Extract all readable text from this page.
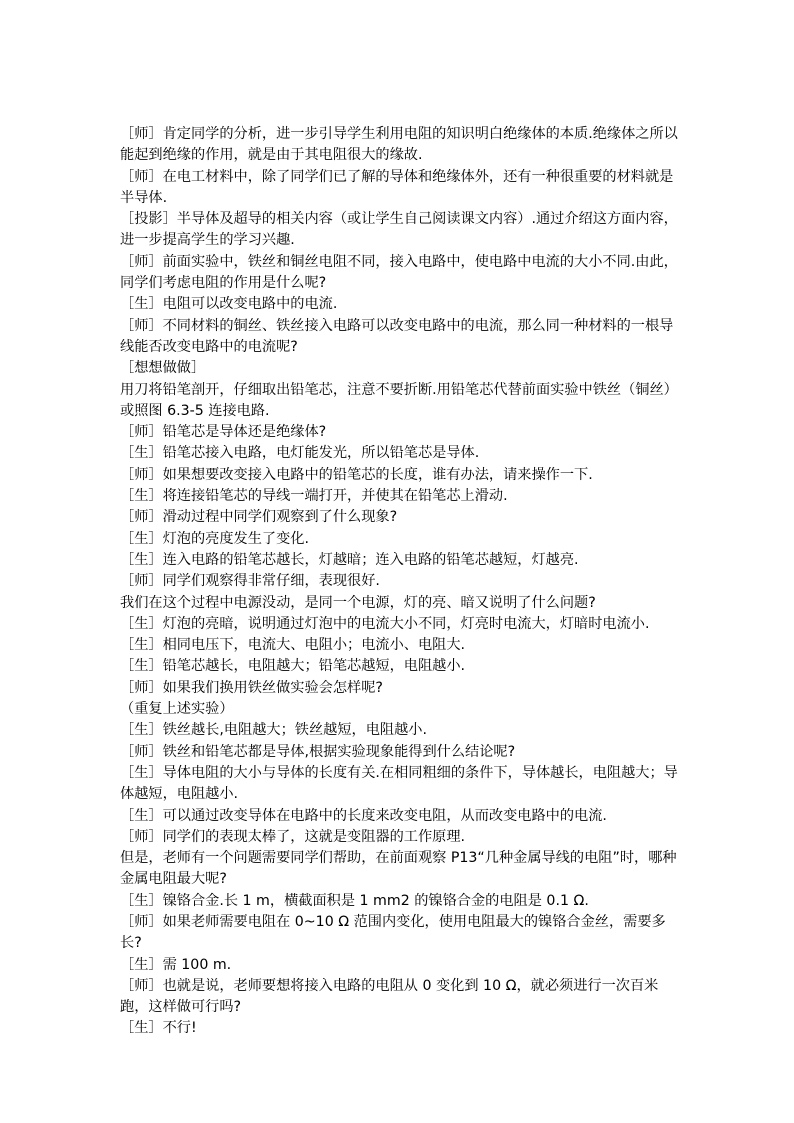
［师］肯定同学的分析，进一步引导学生利用电阻的知识明白绝缘体的本质.绝缘体之所以能起到绝缘的作用，就是由于其电阻很大的缘故.

［师］在电工材料中，除了同学们已了解的导体和绝缘体外，还有一种很重要的材料就是半导体.

［投影］半导体及超导的相关内容（或让学生自己阅读课文内容）.通过介绍这方面内容，进一步提高学生的学习兴趣.

［师］前面实验中，铁丝和铜丝电阻不同，接入电路中，使电路中电流的大小不同.由此，同学们考虑电阻的作用是什么呢?

［生］电阻可以改变电路中的电流.

［师］不同材料的铜丝、铁丝接入电路可以改变电路中的电流，那么同一种材料的一根导线能否改变电路中的电流呢?

［想想做做］

用刀将铅笔剖开，仔细取出铅笔芯，注意不要折断.用铅笔芯代替前面实验中铁丝（铜丝）或照图 6.3-5 连接电路.

［师］铅笔芯是导体还是绝缘体?

［生］铅笔芯接入电路，电灯能发光，所以铅笔芯是导体.

［师］如果想要改变接入电路中的铅笔芯的长度，谁有办法，请来操作一下.

［生］将连接铅笔芯的导线一端打开，并使其在铅笔芯上滑动.

［师］滑动过程中同学们观察到了什么现象?

［生］灯泡的亮度发生了变化.

［生］连入电路的铅笔芯越长，灯越暗；连入电路的铅笔芯越短，灯越亮.

［师］同学们观察得非常仔细，表现很好.

我们在这个过程中电源没动，是同一个电源，灯的亮、暗又说明了什么问题?

［生］灯泡的亮暗，说明通过灯泡中的电流大小不同，灯亮时电流大，灯暗时电流小.

［生］相同电压下，电流大、电阻小；电流小、电阻大.

［生］铅笔芯越长，电阻越大；铅笔芯越短，电阻越小.

［师］如果我们换用铁丝做实验会怎样呢?

（重复上述实验）

［生］铁丝越长,电阻越大；铁丝越短，电阻越小.

［师］铁丝和铅笔芯都是导体,根据实验现象能得到什么结论呢?

［生］导体电阻的大小与导体的长度有关.在相同粗细的条件下，导体越长，电阻越大；导体越短，电阻越小.

［生］可以通过改变导体在电路中的长度来改变电阻，从而改变电路中的电流.

［师］同学们的表现太棒了，这就是变阻器的工作原理.

但是，老师有一个问题需要同学们帮助，在前面观察 P13“几种金属导线的电阻”时，哪种金属电阻最大呢?

［生］镍铬合金.长 1 m，横截面积是 1 mm2 的镍铬合金的电阻是 0.1 Ω.

［师］如果老师需要电阻在 0~10 Ω 范围内变化，使用电阻最大的镍铬合金丝，需要多长?

［生］需 100 m.

［师］也就是说，老师要想将接入电路的电阻从 0 变化到 10 Ω，就必须进行一次百米跑，这样做可行吗?

［生］不行!
